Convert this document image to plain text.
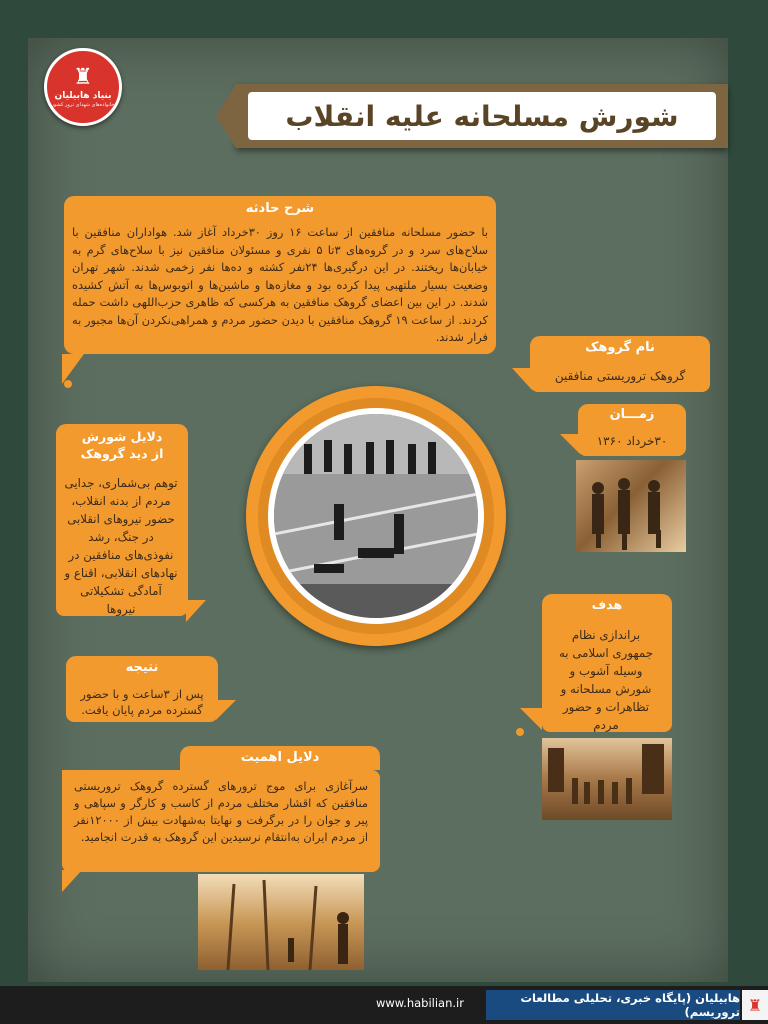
♜
بنیاد هابیلیان
خانواده‌های شهدای ترور کشور	شورش مسلحانه علیه انقلاب
شرح حادثه
با حضور مسلحانه منافقین از ساعت ۱۶ روز ۳۰خرداد آغاز شد. هواداران منافقین با سلاح‌های سرد و در گروه‌های ۳تا ۵ نفری و مسئولان منافقین نیز با سلاح‌های گرم به خیابان‌ها ریختند. در این درگیری‌ها ۲۴نفر کشته و ده‌ها نفر زخمی شدند. شهر تهران وضعیت بسیار ملتهبی پیدا کرده بود و مغازه‌ها و ماشین‌ها و اتوبوس‌ها به آتش کشیده شدند. در این بین اعضای گروهک منافقین به هرکسی که ظاهری حزب‌اللهی داشت حمله کردند. از ساعت ۱۹ گروهک منافقین با دیدن حضور مردم و همراهی‌نکردن آن‌ها مجبور به فرار شدند.
نام گروهک
گروهک تروریستی منافقین
زمـــان
۳۰خرداد ۱۳۶۰
دلایل شورش
از دید گروهک
توهم بی‌شماری، جدایی مردم از بدنه انقلاب، حضور نیروهای انقلابی در جنگ، رشد نفوذی‌های منافقین در نهادهای انقلابی، اقناع و آمادگی تشکیلاتی نیروها	هدف
براندازی نظام جمهوری اسلامی به وسیله آشوب و شورش مسلحانه و تظاهرات و حضور مردم
نتیجه
پس از ۳ساعت و با حضور گسترده مردم پایان یافت.
دلایل اهمیت
سرآغازی برای موج ترورهای گسترده گروهک تروریستی منافقین که اقشار مختلف مردم از کاسب و کارگر و سپاهی و پیر و جوان را در برگرفت و نهایتا به‌شهادت بیش از ۱۲۰۰۰نفر از مردم ایران به‌انتقام نرسیدین این گروهک به قدرت انجامید.
www.habilian.ir	هابیلیان (پایگاه خبری، تحلیلی مطالعات تروریسم) ♜
